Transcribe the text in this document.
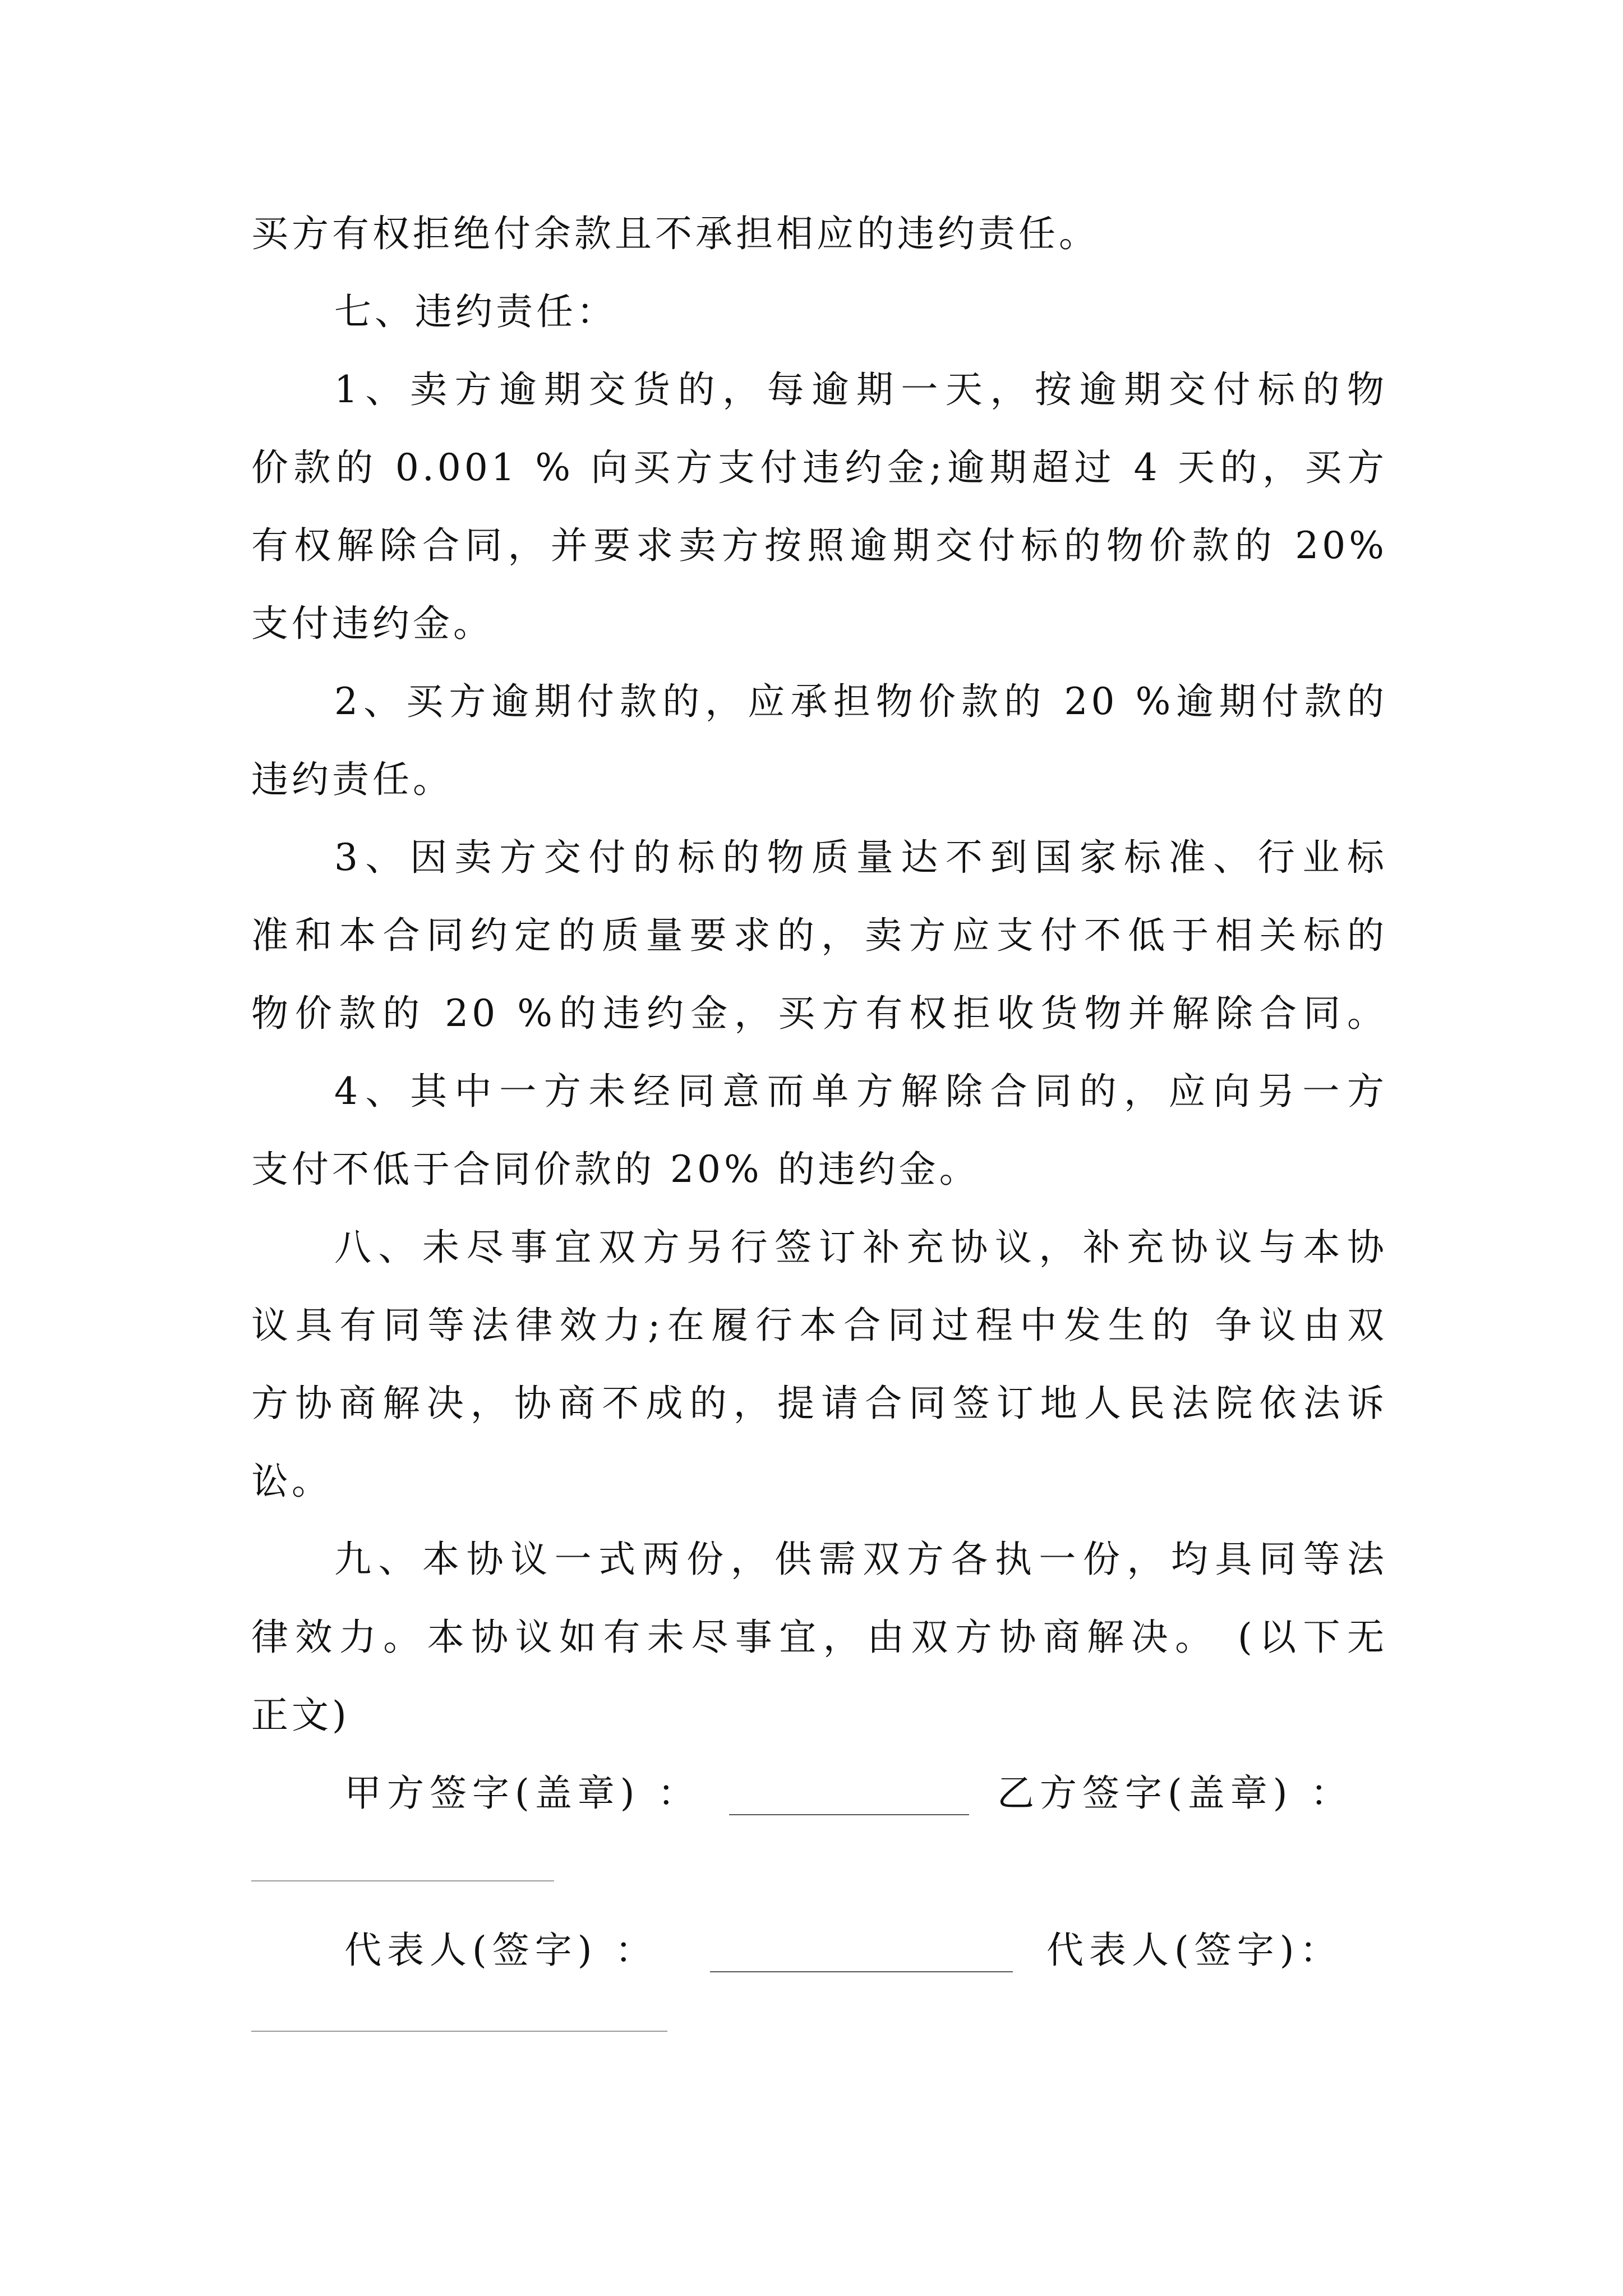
买方有权拒绝付余款且不承担相应的违约责任。
七、违约责任：
1、卖方逾期交货的，每逾期一天，按逾期交付标的物
价款的 0.001 % 向买方支付违约金;逾期超过 4 天的，买方
有权解除合同，并要求卖方按照逾期交付标的物价款的 20%
支付违约金。
2、买方逾期付款的，应承担物价款的 20 %逾期付款的
违约责任。
3、因卖方交付的标的物质量达不到国家标准、行业标
准和本合同约定的质量要求的，卖方应支付不低于相关标的
物价款的 20 %的违约金，买方有权拒收货物并解除合同。
4、其中一方未经同意而单方解除合同的，应向另一方
支付不低于合同价款的 20% 的违约金。
八、未尽事宜双方另行签订补充协议，补充协议与本协
议具有同等法律效力;在履行本合同过程中发生的 争议由双
方协商解决，协商不成的，提请合同签订地人民法院依法诉
讼。
九、本协议一式两份，供需双方各执一份，均具同等法
律效力。本协议如有未尽事宜，由双方协商解决。 (以下无
正文)
甲方签字(盖章) ：	乙方签字(盖章) ：
代表人(签字) ：	代表人(签字)：
